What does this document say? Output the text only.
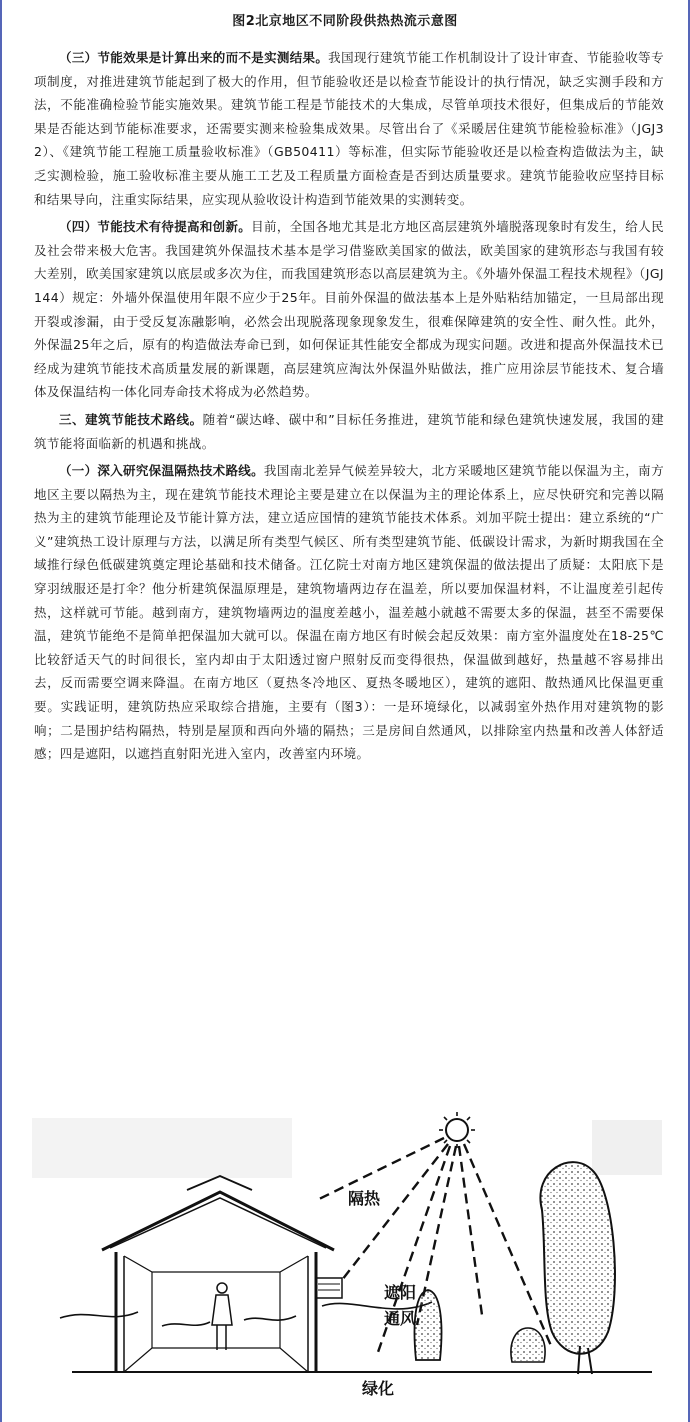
图2北京地区不同阶段供热热流示意图

（三）节能效果是计算出来的而不是实测结果。我国现行建筑节能工作机制设计了设计审查、节能验收等专项制度，对推进建筑节能起到了极大的作用，但节能验收还是以检查节能设计的执行情况，缺乏实测手段和方法，不能准确检验节能实施效果。建筑节能工程是节能技术的大集成，尽管单项技术很好，但集成后的节能效果是否能达到节能标准要求，还需要实测来检验集成效果。尽管出台了《采暖居住建筑节能检验标准》（JGJ32）、《建筑节能工程施工质量验收标准》（GB50411）等标准，但实际节能验收还是以检查构造做法为主，缺乏实测检验，施工验收标准主要从施工工艺及工程质量方面检查是否到达质量要求。建筑节能验收应坚持目标和结果导向，注重实际结果，应实现从验收设计构造到节能效果的实测转变。

（四）节能技术有待提高和创新。目前，全国各地尤其是北方地区高层建筑外墙脱落现象时有发生，给人民及社会带来极大危害。我国建筑外保温技术基本是学习借鉴欧美国家的做法，欧美国家的建筑形态与我国有较大差别，欧美国家建筑以底层或多次为住，而我国建筑形态以高层建筑为主。《外墙外保温工程技术规程》（JGJ144）规定：外墙外保温使用年限不应少于25年。目前外保温的做法基本上是外贴粘结加锚定，一旦局部出现开裂或渗漏，由于受反复冻融影响，必然会出现脱落现象现象发生，很难保障建筑的安全性、耐久性。此外，外保温25年之后，原有的构造做法寿命已到，如何保证其性能安全都成为现实问题。改进和提高外保温技术已经成为建筑节能技术高质量发展的新课题，高层建筑应淘汰外保温外贴做法，推广应用涂层节能技术、复合墙体及保温结构一体化同寿命技术将成为必然趋势。

三、建筑节能技术路线。随着“碳达峰、碳中和”目标任务推进，建筑节能和绿色建筑快速发展，我国的建筑节能将面临新的机遇和挑战。

（一）深入研究保温隔热技术路线。我国南北差异气候差异较大，北方采暖地区建筑节能以保温为主，南方地区主要以隔热为主，现在建筑节能技术理论主要是建立在以保温为主的理论体系上，应尽快研究和完善以隔热为主的建筑节能理论及节能计算方法，建立适应国情的建筑节能技术体系。刘加平院士提出：建立系统的“广义”建筑热工设计原理与方法，以满足所有类型气候区、所有类型建筑节能、低碳设计需求，为新时期我国在全域推行绿色低碳建筑奠定理论基础和技术储备。江亿院士对南方地区建筑保温的做法提出了质疑：太阳底下是穿羽绒服还是打伞？他分析建筑保温原理是，建筑物墙两边存在温差，所以要加保温材料，不让温度差引起传热，这样就可节能。越到南方，建筑物墙两边的温度差越小，温差越小就越不需要太多的保温，甚至不需要保温，建筑节能绝不是简单把保温加大就可以。保温在南方地区有时候会起反效果：南方室外温度处在18-25℃比较舒适天气的时间很长，室内却由于太阳透过窗户照射反而变得很热，保温做到越好，热量越不容易排出去，反而需要空调来降温。在南方地区（夏热冬冷地区、夏热冬暖地区），建筑的遮阳、散热通风比保温更重要。实践证明，建筑防热应采取综合措施，主要有（图3）：一是环境绿化，以减弱室外热作用对建筑物的影响；二是围护结构隔热，特别是屋顶和西向外墙的隔热；三是房间自然通风，以排除室内热量和改善人体舒适感；四是遮阳，以遮挡直射阳光进入室内，改善室内环境。

隔热
遮阳
通风
绿化
